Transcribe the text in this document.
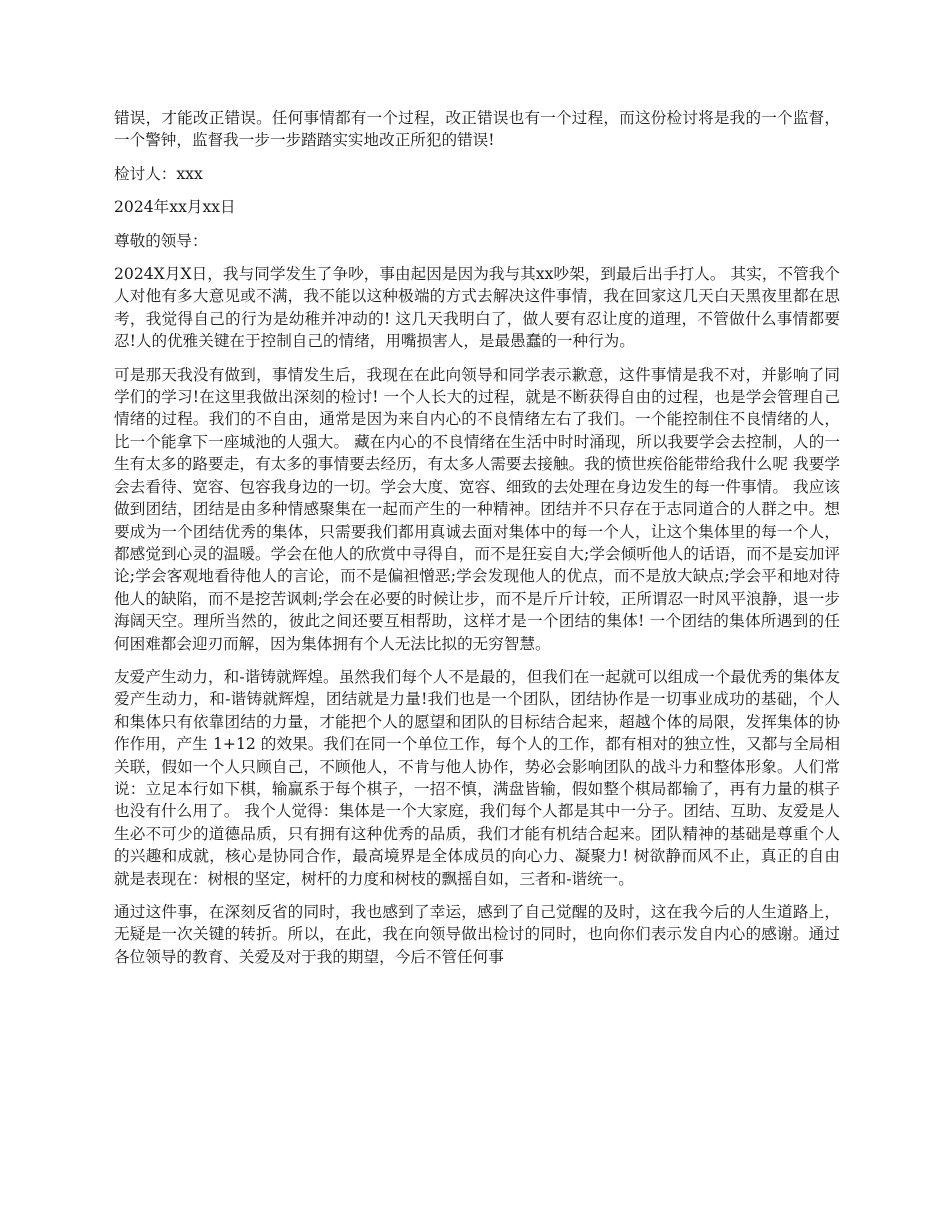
错误，才能改正错误。任何事情都有一个过程，改正错误也有一个过程，而这份检讨将是我的一个监督，一个警钟，监督我一步一步踏踏实实地改正所犯的错误!

检讨人：xxx

2024年xx月xx日

尊敬的领导：

2024X月X日，我与同学发生了争吵，事由起因是因为我与其xx吵架，到最后出手打人。 其实，不管我个人对他有多大意见或不满，我不能以这种极端的方式去解决这件事情，我在回家这几天白天黑夜里都在思考，我觉得自己的行为是幼稚并冲动的! 这几天我明白了，做人要有忍让度的道理，不管做什么事情都要忍!人的优雅关键在于控制自己的情绪，用嘴损害人，是最愚蠢的一种行为。

可是那天我没有做到，事情发生后，我现在在此向领导和同学表示歉意，这件事情是我不对，并影响了同学们的学习!在这里我做出深刻的检讨! 一个人长大的过程，就是不断获得自由的过程，也是学会管理自己情绪的过程。我们的不自由，通常是因为来自内心的不良情绪左右了我们。一个能控制住不良情绪的人，比一个能拿下一座城池的人强大。 藏在内心的不良情绪在生活中时时涌现，所以我要学会去控制，人的一生有太多的路要走，有太多的事情要去经历，有太多人需要去接触。我的愤世疾俗能带给我什么呢 我要学会去看待、宽容、包容我身边的一切。学会大度、宽容、细致的去处理在身边发生的每一件事情。 我应该做到团结，团结是由多种情感聚集在一起而产生的一种精神。团结并不只存在于志同道合的人群之中。想要成为一个团结优秀的集体，只需要我们都用真诚去面对集体中的每一个人，让这个集体里的每一个人，都感觉到心灵的温暖。学会在他人的欣赏中寻得自，而不是狂妄自大;学会倾听他人的话语，而不是妄加评论;学会客观地看待他人的言论，而不是偏袒憎恶;学会发现他人的优点，而不是放大缺点;学会平和地对待他人的缺陷，而不是挖苦讽刺;学会在必要的时候让步，而不是斤斤计较，正所谓忍一时风平浪静，退一步海阔天空。理所当然的，彼此之间还要互相帮助，这样才是一个团结的集体! 一个团结的集体所遇到的任何困难都会迎刃而解，因为集体拥有个人无法比拟的无穷智慧。

友爱产生动力，和-谐铸就辉煌。虽然我们每个人不是最的，但我们在一起就可以组成一个最优秀的集体友爱产生动力，和-谐铸就辉煌，团结就是力量!我们也是一个团队，团结协作是一切事业成功的基础，个人和集体只有依靠团结的力量，才能把个人的愿望和团队的目标结合起来，超越个体的局限，发挥集体的协作作用，产生 1+12 的效果。我们在同一个单位工作，每个人的工作，都有相对的独立性，又都与全局相关联，假如一个人只顾自己，不顾他人，不肯与他人协作，势必会影响团队的战斗力和整体形象。人们常说：立足本行如下棋，输赢系于每个棋子，一招不慎，满盘皆输，假如整个棋局都输了，再有力量的棋子也没有什么用了。 我个人觉得：集体是一个大家庭，我们每个人都是其中一分子。团结、互助、友爱是人生必不可少的道德品质，只有拥有这种优秀的品质，我们才能有机结合起来。团队精神的基础是尊重个人的兴趣和成就，核心是协同合作，最高境界是全体成员的向心力、凝聚力! 树欲静而风不止，真正的自由就是表现在：树根的坚定，树杆的力度和树枝的飘摇自如，三者和-谐统一。

通过这件事，在深刻反省的同时，我也感到了幸运，感到了自己觉醒的及时，这在我今后的人生道路上，无疑是一次关键的转折。所以，在此，我在向领导做出检讨的同时，也向你们表示发自内心的感谢。通过各位领导的教育、关爱及对于我的期望，今后不管任何事
